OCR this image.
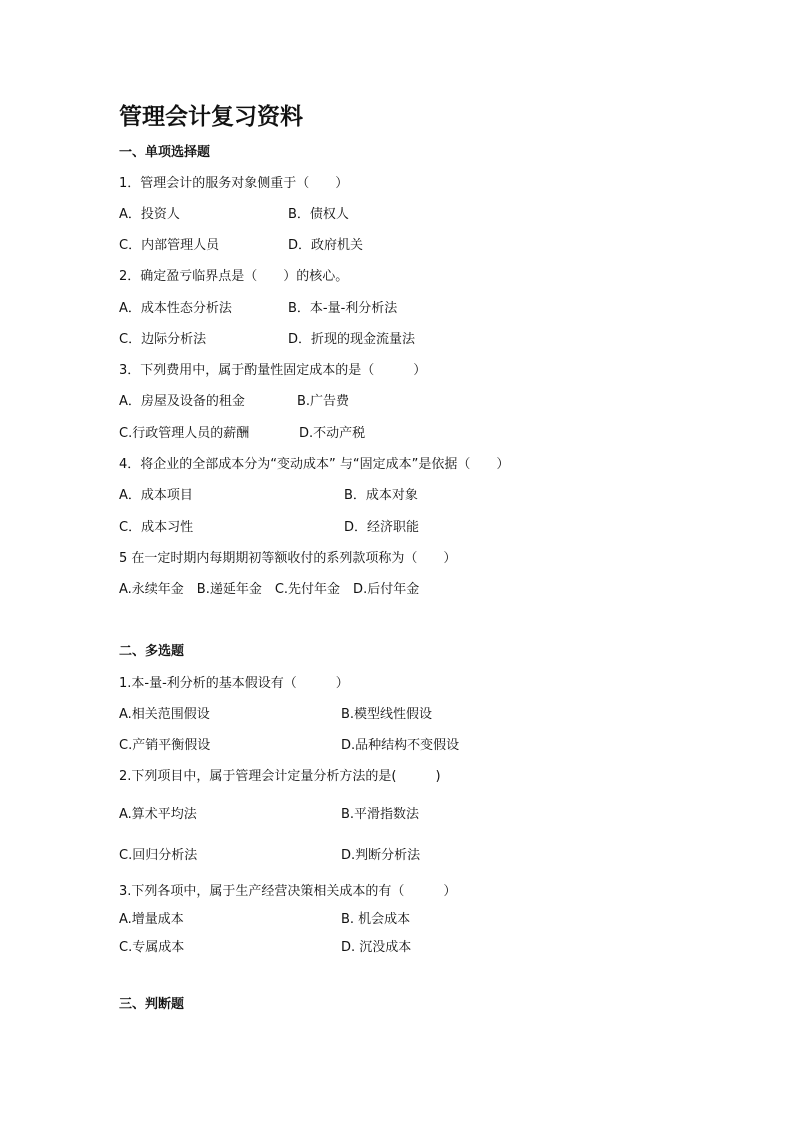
管理会计复习资料
一、单项选择题
1．管理会计的服务对象侧重于（　　）
A．投资人	B．债权人
C．内部管理人员	D．政府机关
2．确定盈亏临界点是（　　）的核心。
A．成本性态分析法	B．本-量-利分析法
C．边际分析法	D．折现的现金流量法
3．下列费用中，属于酌量性固定成本的是（　　　）
A．房屋及设备的租金	B.广告费
C.行政管理人员的薪酬	D.不动产税
4．将企业的全部成本分为“变动成本” 与“固定成本”是依据（　　）
A．成本项目	B．成本对象
C．成本习性	D．经济职能
5 在一定时期内每期期初等额收付的系列款项称为（　　）
A.永续年金　B.递延年金　C.先付年金　D.后付年金
二、多选题
1.本-量-利分析的基本假设有（　　　）
A.相关范围假设	B.模型线性假设
C.产销平衡假设	D.品种结构不变假设
2.下列项目中，属于管理会计定量分析方法的是(　　　)
A.算术平均法	B.平滑指数法
C.回归分析法	D.判断分析法
3.下列各项中，属于生产经营决策相关成本的有（　　　）
A.增量成本	B. 机会成本
C.专属成本	D. 沉没成本
三、判断题
